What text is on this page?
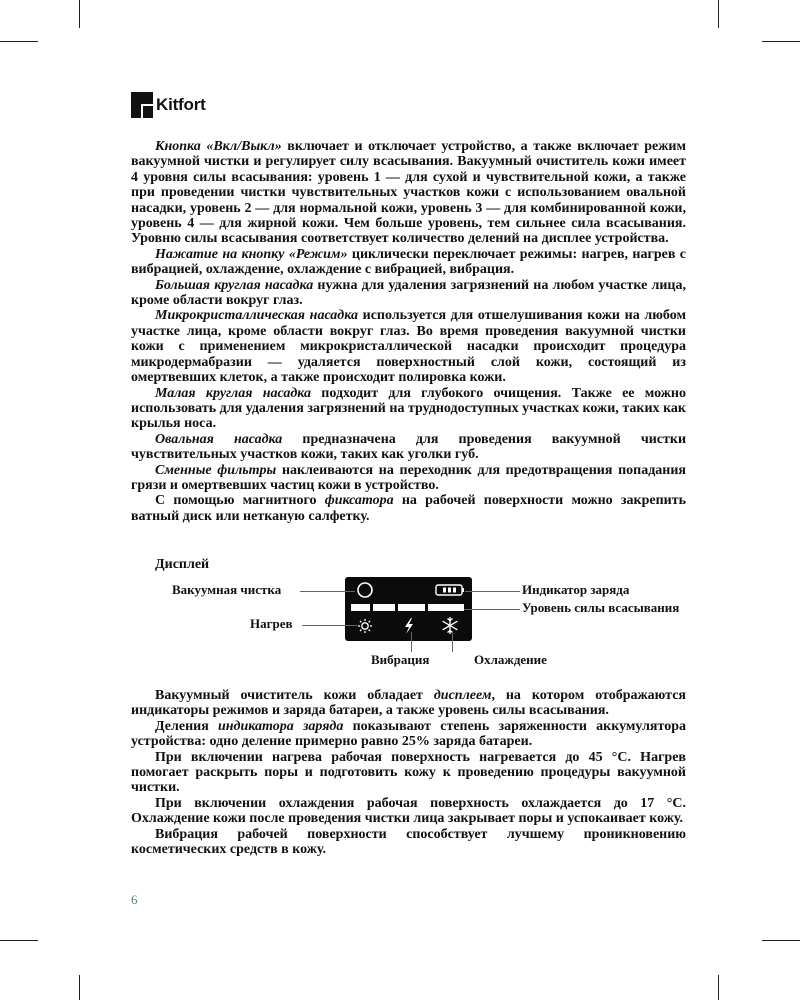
Kitfort

Кнопка «Вкл/Выкл» включает и отключает устройство, а также включает режим вакуумной чистки и регулирует силу всасывания. Вакуумный очиститель кожи имеет 4 уровня силы всасывания: уровень 1 — для сухой и чувствительной кожи, а также при проведении чистки чувствительных участков кожи с использованием овальной насадки, уровень 2 — для нормальной кожи, уровень 3 — для комбинированной кожи, уровень 4 — для жирной кожи. Чем больше уровень, тем сильнее сила всасывания. Уровню силы всасывания соответствует количество делений на дисплее устройства.

Нажатие на кнопку «Режим» циклически переключает режимы: нагрев, нагрев с вибрацией, охлаждение, охлаждение с вибрацией, вибрация.

Большая круглая насадка нужна для удаления загрязнений на любом участке лица, кроме области вокруг глаз.

Микрокристаллическая насадка используется для отшелушивания кожи на любом участке лица, кроме области вокруг глаз. Во время проведения вакуумной чистки кожи с применением микрокристаллической насадки происходит процедура микродермабразии — удаляется поверхностный слой кожи, состоящий из омертвевших клеток, а также происходит полировка кожи.

Малая круглая насадка подходит для глубокого очищения. Также ее можно использовать для удаления загрязнений на труднодоступных участках кожи, таких как крылья носа.

Овальная насадка предназначена для проведения вакуумной чистки чувствительных участков кожи, таких как уголки губ.

Сменные фильтры наклеиваются на переходник для предотвращения попадания грязи и омертвевших частиц кожи в устройство.

С помощью магнитного фиксатора на рабочей поверхности можно закрепить ватный диск или нетканую салфетку.

Дисплей
Вакуумная чистка	Индикатор заряда
Уровень силы всасывания
Нагрев
Вибрация	Охлаждение

Вакуумный очиститель кожи обладает дисплеем, на котором отображаются индикаторы режимов и заряда батареи, а также уровень силы всасывания.

Деления индикатора заряда показывают степень заряженности аккумулятора устройства: одно деление примерно равно 25% заряда батареи.

При включении нагрева рабочая поверхность нагревается до 45 °C. Нагрев помогает раскрыть поры и подготовить кожу к проведению процедуры вакуумной чистки.

При включении охлаждения рабочая поверхность охлаждается до 17 °C. Охлаждение кожи после проведения чистки лица закрывает поры и успокаивает кожу.

Вибрация рабочей поверхности способствует лучшему проникновению косметических средств в кожу.

6
